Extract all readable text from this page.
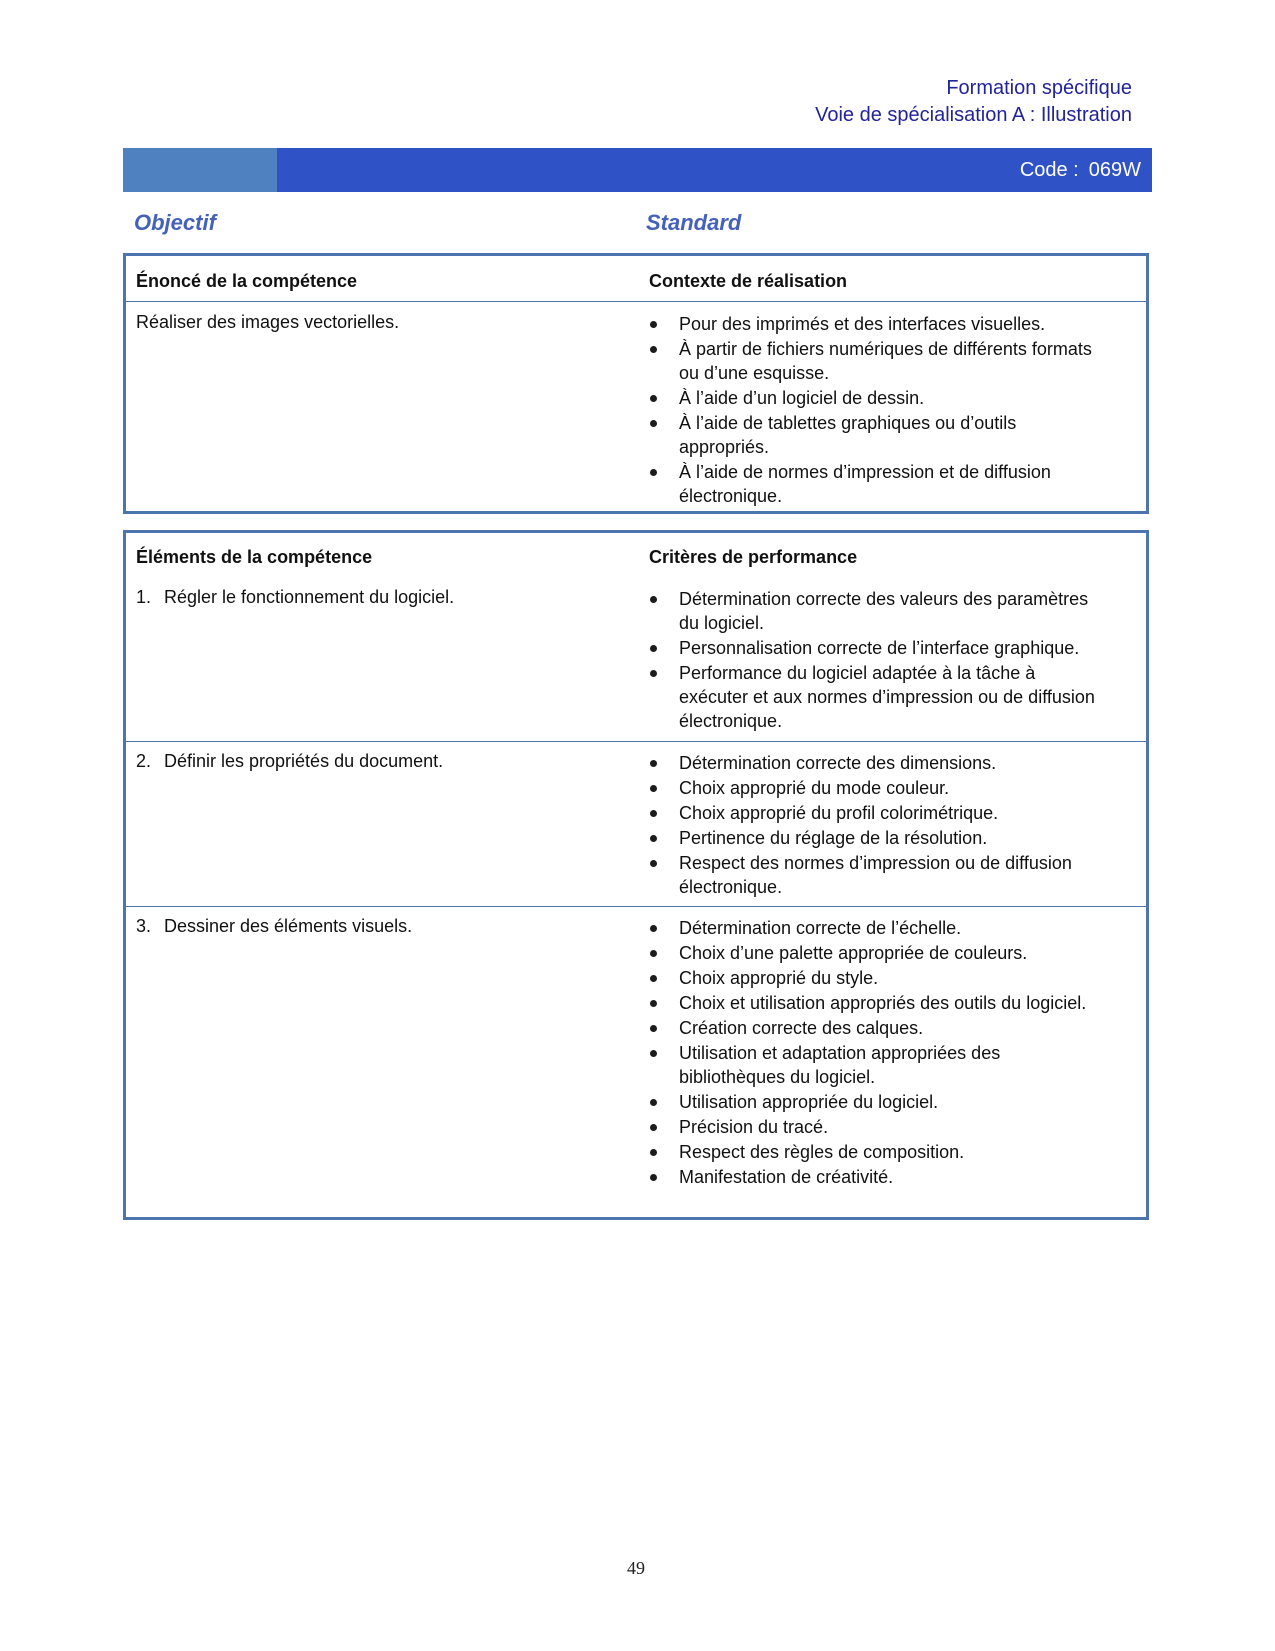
Formation spécifique
Voie de spécialisation A : Illustration
Code : 069W
Objectif	Standard
Énoncé de la compétence	Contexte de réalisation
Réaliser des images vectorielles.	Pour des imprimés et des interfaces visuelles.
À partir de fichiers numériques de différents formats ou d’une esquisse.
À l’aide d’un logiciel de dessin.
À l’aide de tablettes graphiques ou d’outils appropriés.
À l’aide de normes d’impression et de diffusion électronique.
Éléments de la compétence	Critères de performance
1. Régler le fonctionnement du logiciel.	Détermination correcte des valeurs des paramètres du logiciel.
Personnalisation correcte de l’interface graphique.
Performance du logiciel adaptée à la tâche à exécuter et aux normes d’impression ou de diffusion électronique.
2. Définir les propriétés du document.	Détermination correcte des dimensions.
Choix approprié du mode couleur.
Choix approprié du profil colorimétrique.
Pertinence du réglage de la résolution.
Respect des normes d’impression ou de diffusion électronique.
3. Dessiner des éléments visuels.	Détermination correcte de l’échelle.
Choix d’une palette appropriée de couleurs.
Choix approprié du style.
Choix et utilisation appropriés des outils du logiciel.
Création correcte des calques.
Utilisation et adaptation appropriées des bibliothèques du logiciel.
Utilisation appropriée du logiciel.
Précision du tracé.
Respect des règles de composition.
Manifestation de créativité.
49
